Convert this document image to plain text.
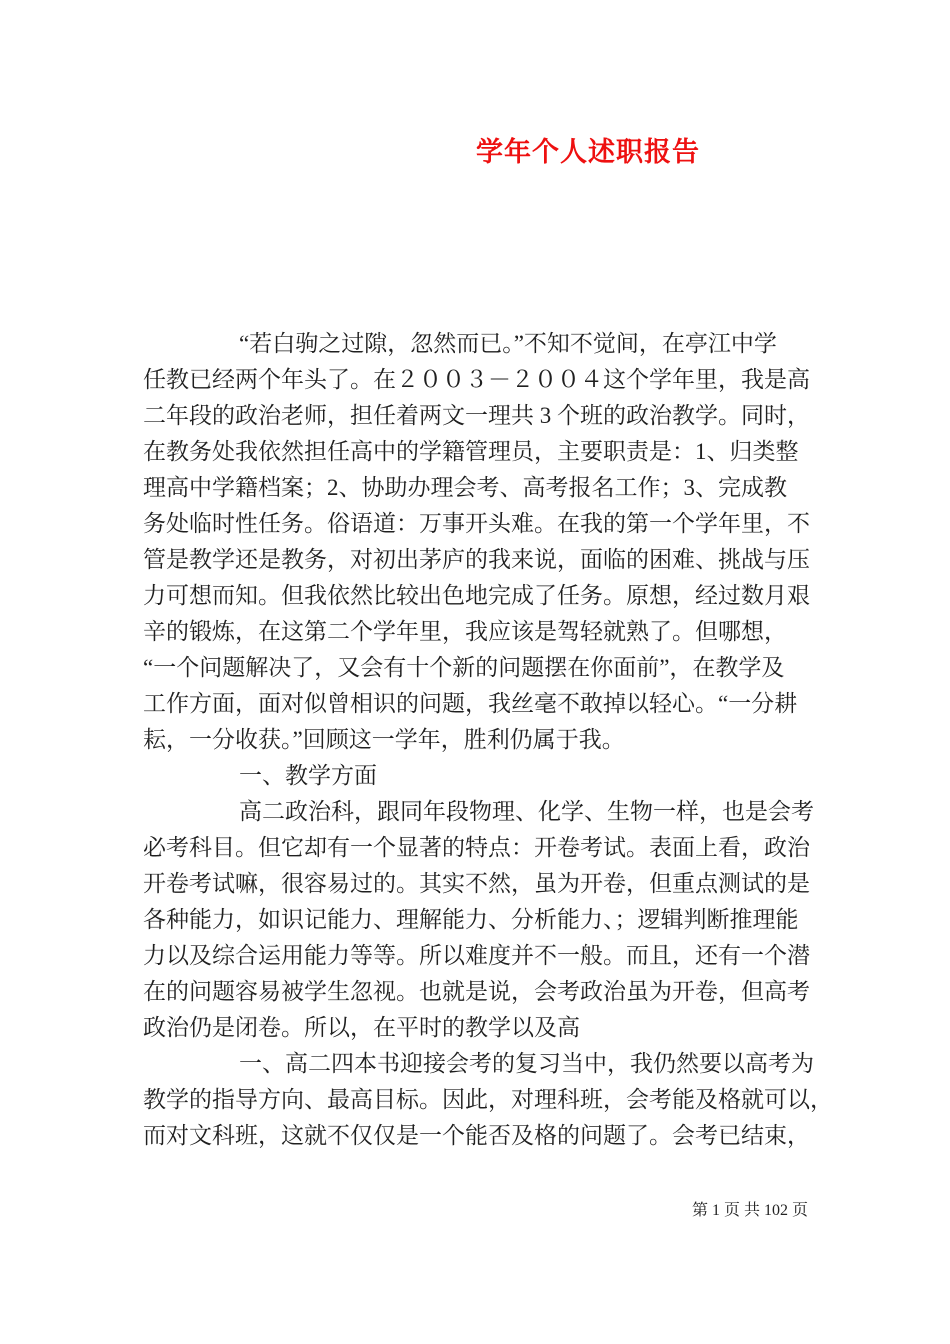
学年个人述职报告
“若白驹之过隙，忽然而已。”不知不觉间，在亭江中学
任教已经两个年头了。在２００３－２００４这个学年里，我是高
二年段的政治老师，担任着两文一理共 3 个班的政治教学。同时，
在教务处我依然担任高中的学籍管理员，主要职责是：1、归类整
理高中学籍档案；2、协助办理会考、高考报名工作；3、完成教
务处临时性任务。俗语道：万事开头难。在我的第一个学年里，不
管是教学还是教务，对初出茅庐的我来说，面临的困难、挑战与压
力可想而知。但我依然比较出色地完成了任务。原想，经过数月艰
辛的锻炼，在这第二个学年里，我应该是驾轻就熟了。但哪想，
“一个问题解决了，又会有十个新的问题摆在你面前”，在教学及
工作方面，面对似曾相识的问题，我丝毫不敢掉以轻心。“一分耕
耘，一分收获。”回顾这一学年，胜利仍属于我。
一、教学方面
高二政治科，跟同年段物理、化学、生物一样，也是会考
必考科目。但它却有一个显著的特点：开卷考试。表面上看，政治
开卷考试嘛，很容易过的。其实不然，虽为开卷，但重点测试的是
各种能力，如识记能力、理解能力、分析能力、；逻辑判断推理能
力以及综合运用能力等等。所以难度并不一般。而且，还有一个潜
在的问题容易被学生忽视。也就是说，会考政治虽为开卷，但高考
政治仍是闭卷。所以，在平时的教学以及高
一、高二四本书迎接会考的复习当中，我仍然要以高考为
教学的指导方向、最高目标。因此，对理科班，会考能及格就可以，
而对文科班，这就不仅仅是一个能否及格的问题了。会考已结束，
第 1 页 共 102 页
